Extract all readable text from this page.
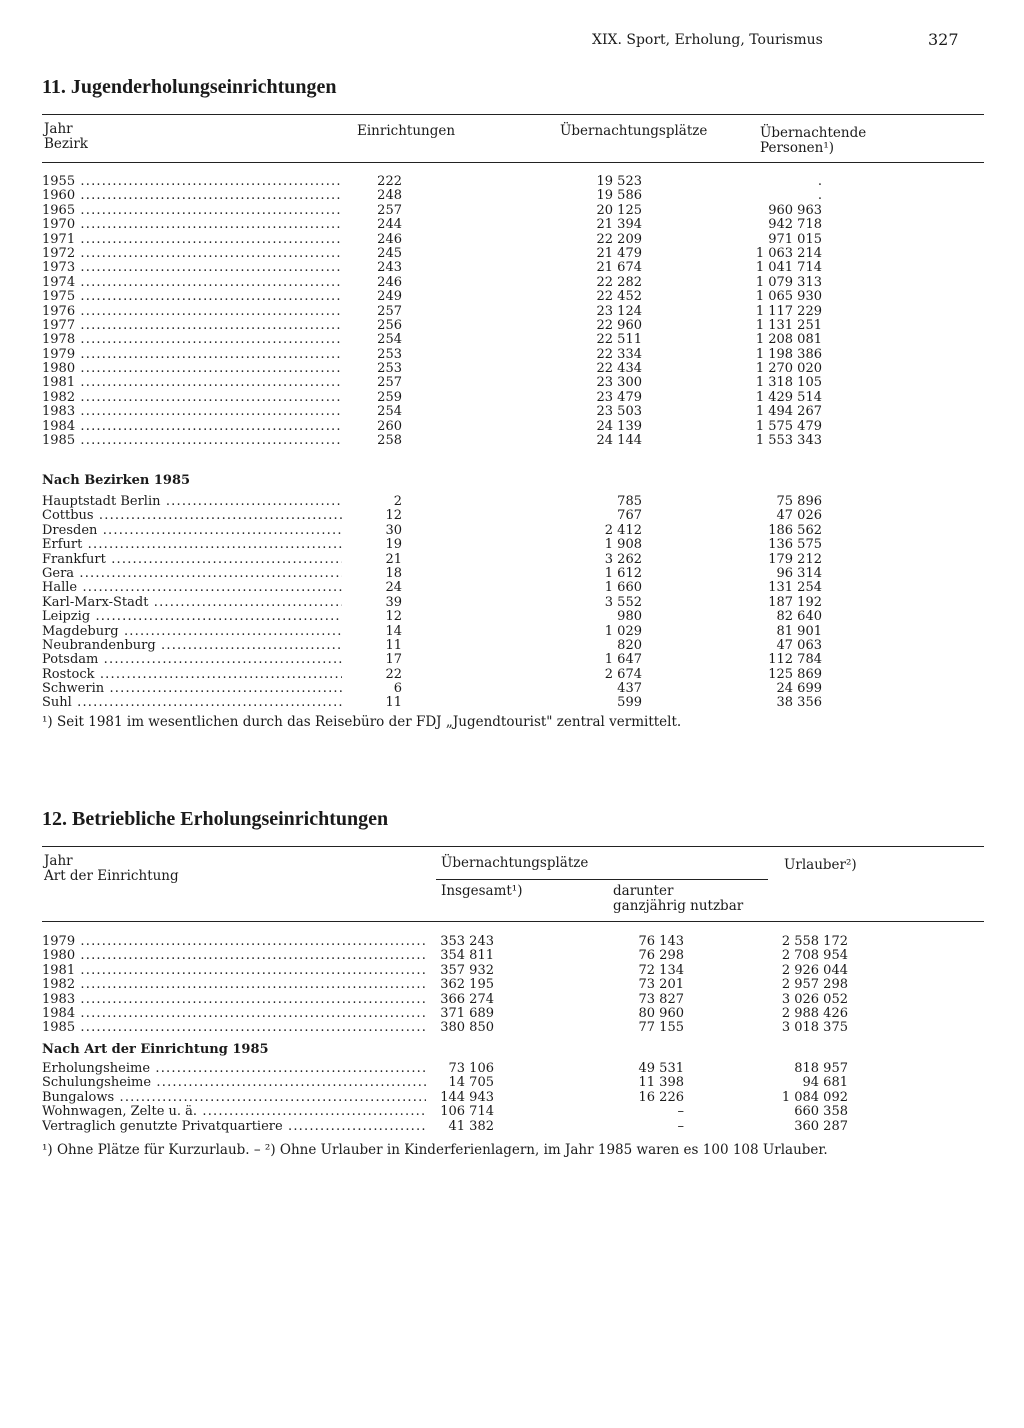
XIX. Sport, Erholung, Tourismus	327
11. Jugenderholungseinrichtungen
Jahr
Bezirk
Einrichtungen	Übernachtungsplätze	Übernachtende
Personen¹)
1955 .....	222	19 523	.
1960 .....	248	19 586	.
1965 .....	257	20 125	960 963
1970 .....	244	21 394	942 718
1971 .....	246	22 209	971 015
1972 .....	245	21 479	1 063 214
1973 .....	243	21 674	1 041 714
1974 .....	246	22 282	1 079 313
1975 .....	249	22 452	1 065 930
1976 .....	257	23 124	1 117 229
1977 .....	256	22 960	1 131 251
1978 .....	254	22 511	1 208 081
1979 .....	253	22 334	1 198 386
1980 .....	253	22 434	1 270 020
1981 .....	257	23 300	1 318 105
1982 .....	259	23 479	1 429 514
1983 .....	254	23 503	1 494 267
1984 .....	260	24 139	1 575 479
1985 .....	258	24 144	1 553 343
Nach Bezirken 1985
Hauptstadt Berlin .....	2	785	75 896
Cottbus .....	12	767	47 026
Dresden .....	30	2 412	186 562
Erfurt .....	19	1 908	136 575
Frankfurt .....	21	3 262	179 212
Gera .....	18	1 612	96 314
Halle .....	24	1 660	131 254
Karl-Marx-Stadt .....	39	3 552	187 192
Leipzig .....	12	980	82 640
Magdeburg .....	14	1 029	81 901
Neubrandenburg .....	11	820	47 063
Potsdam .....	17	1 647	112 784
Rostock .....	22	2 674	125 869
Schwerin .....	6	437	24 699
Suhl .....	11	599	38 356
¹) Seit 1981 im wesentlichen durch das Reisebüro der FDJ „Jugendtourist" zentral vermittelt.
12. Betriebliche Erholungseinrichtungen
Jahr
Art der Einrichtung
Übernachtungsplätze
Insgesamt¹)	darunter
ganzjährig nutzbar
Urlauber²)
1979 .....	353 243	76 143	2 558 172
1980 .....	354 811	76 298	2 708 954
1981 .....	357 932	72 134	2 926 044
1982 .....	362 195	73 201	2 957 298
1983 .....	366 274	73 827	3 026 052
1984 .....	371 689	80 960	2 988 426
1985 .....	380 850	77 155	3 018 375
Nach Art der Einrichtung 1985
Erholungsheime .....	73 106	49 531	818 957
Schulungsheime .....	14 705	11 398	94 681
Bungalows .....	144 943	16 226	1 084 092
Wohnwagen, Zelte u. ä. .....	106 714	–	660 358
Vertraglich genutzte Privatquartiere .....	41 382	–	360 287
¹) Ohne Plätze für Kurzurlaub. – ²) Ohne Urlauber in Kinderferienlagern, im Jahr 1985 waren es 100 108 Urlauber.
